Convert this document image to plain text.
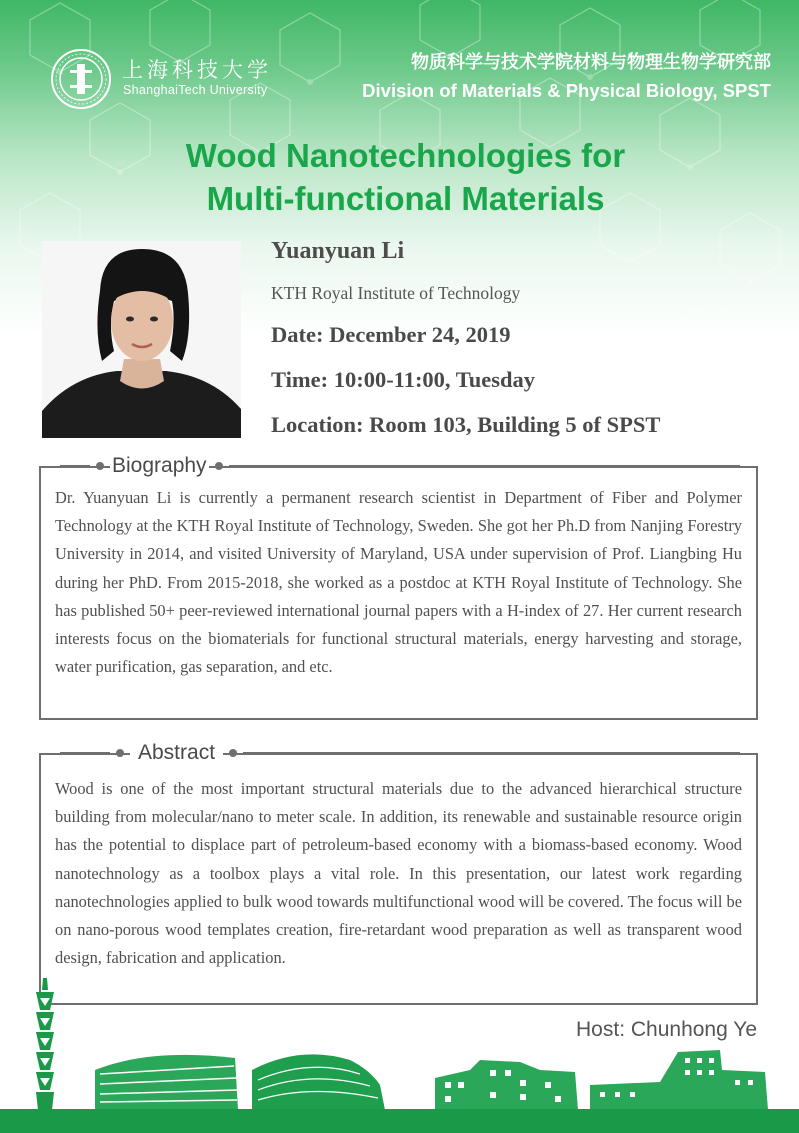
上海科技大学
ShanghaiTech University
物质科学与技术学院材料与物理生物学研究部
Division of Materials & Physical Biology, SPST
Wood Nanotechnologies for
Multi-functional Materials
Yuanyuan Li
KTH Royal Institute of Technology
Date: December 24, 2019
Time: 10:00-11:00, Tuesday
Location: Room 103, Building 5 of SPST
Dr. Yuanyuan Li is currently a permanent research scientist in Department of Fiber and Polymer Technology at the KTH Royal Institute of Technology, Sweden. She got her Ph.D from Nanjing Forestry University in 2014, and visited University of Maryland, USA under supervision of Prof. Liangbing Hu during her PhD. From 2015-2018, she worked as a postdoc at KTH Royal Institute of Technology. She has published 50+ peer-reviewed international journal papers with a H-index of 27. Her current research interests focus on the biomaterials for functional structural materials, energy harvesting and storage, water purification, gas separation, and etc.
Biography
Wood is one of the most important structural materials due to the advanced hierarchical structure building from molecular/nano to meter scale. In addition, its renewable and sustainable resource origin has the potential to displace part of petroleum-based economy with a biomass-based economy. Wood nanotechnology as a toolbox plays a vital role. In this presentation, our latest work regarding nanotechnologies applied to bulk wood towards multifunctional wood will be covered. The focus will be on nano-porous wood templates creation, fire-retardant wood preparation as well as transparent wood design, fabrication and application.
Abstract
Host: Chunhong Ye
